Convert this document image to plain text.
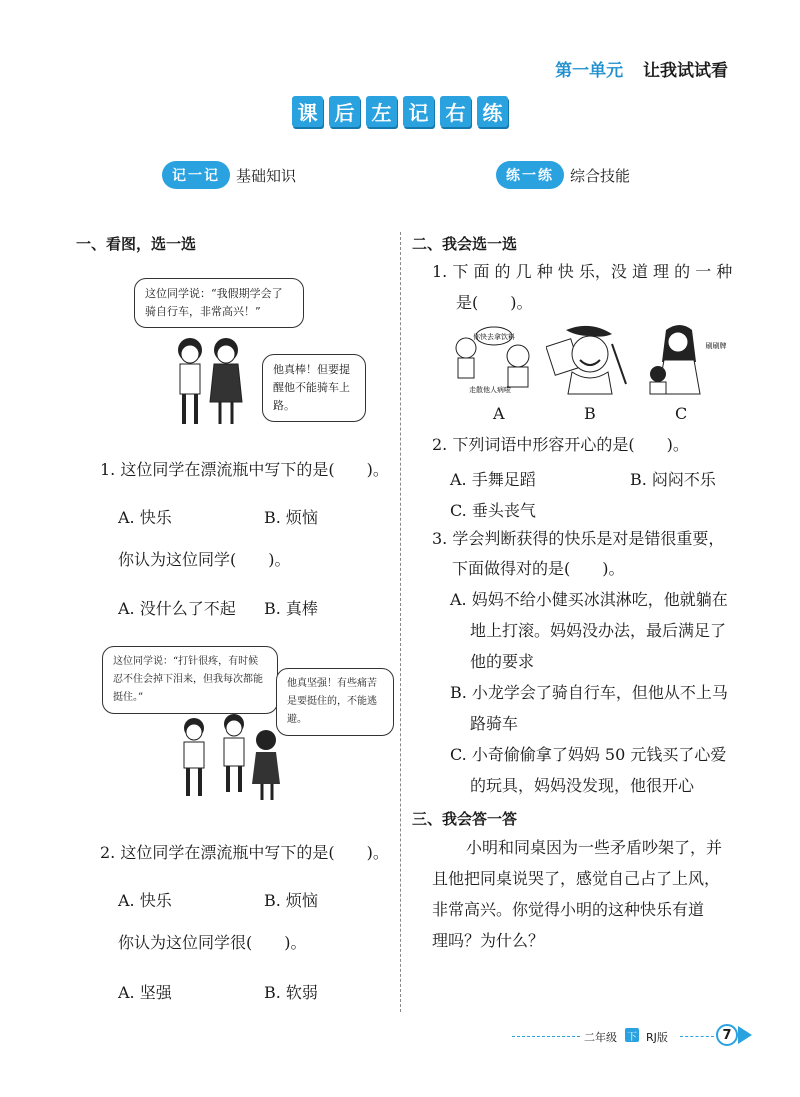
第一单元 让我试试看
课 后 左 记 右 练
记一记	基础知识	练一练	综合技能
一、看图，选一选
这位同学说：“我假期学会了骑自行车，非常高兴！”
他真棒！但要提醒他不能骑车上路。
1. 这位同学在漂流瓶中写下的是(　　)。
A. 快乐	B. 烦恼
你认为这位同学(　　)。
A. 没什么了不起 B. 真棒
这位同学说：“打针很疼，有时候忍不住会掉下泪来，但我每次都能挺住。”
他真坚强！有些痛苦是要挺住的，不能逃避。
2. 这位同学在漂流瓶中写下的是(　　)。
A. 快乐	B. 烦恼
你认为这位同学很(　　)。
A. 坚强	B. 软弱
二、我会选一选
1. 下 面 的 几 种 快 乐，没 道 理 的 一 种
是(　　)。
你快去拿饮料
走散他人病啦
刷刷牌
A	B	C
2. 下列词语中形容开心的是(　　)。
A. 手舞足蹈	B. 闷闷不乐
C. 垂头丧气
3. 学会判断获得的快乐是对是错很重要，
下面做得对的是(　　)。
A. 妈妈不给小健买冰淇淋吃，他就躺在
地上打滚。妈妈没办法，最后满足了
他的要求
B. 小龙学会了骑自行车，但他从不上马
路骑车
C. 小奇偷偷拿了妈妈 50 元钱买了心爱
的玩具，妈妈没发现，他很开心
三、我会答一答
小明和同桌因为一些矛盾吵架了，并
且他把同桌说哭了，感觉自己占了上风，
非常高兴。你觉得小明的这种快乐有道
理吗？为什么？
二年级 下 RJ版	7
